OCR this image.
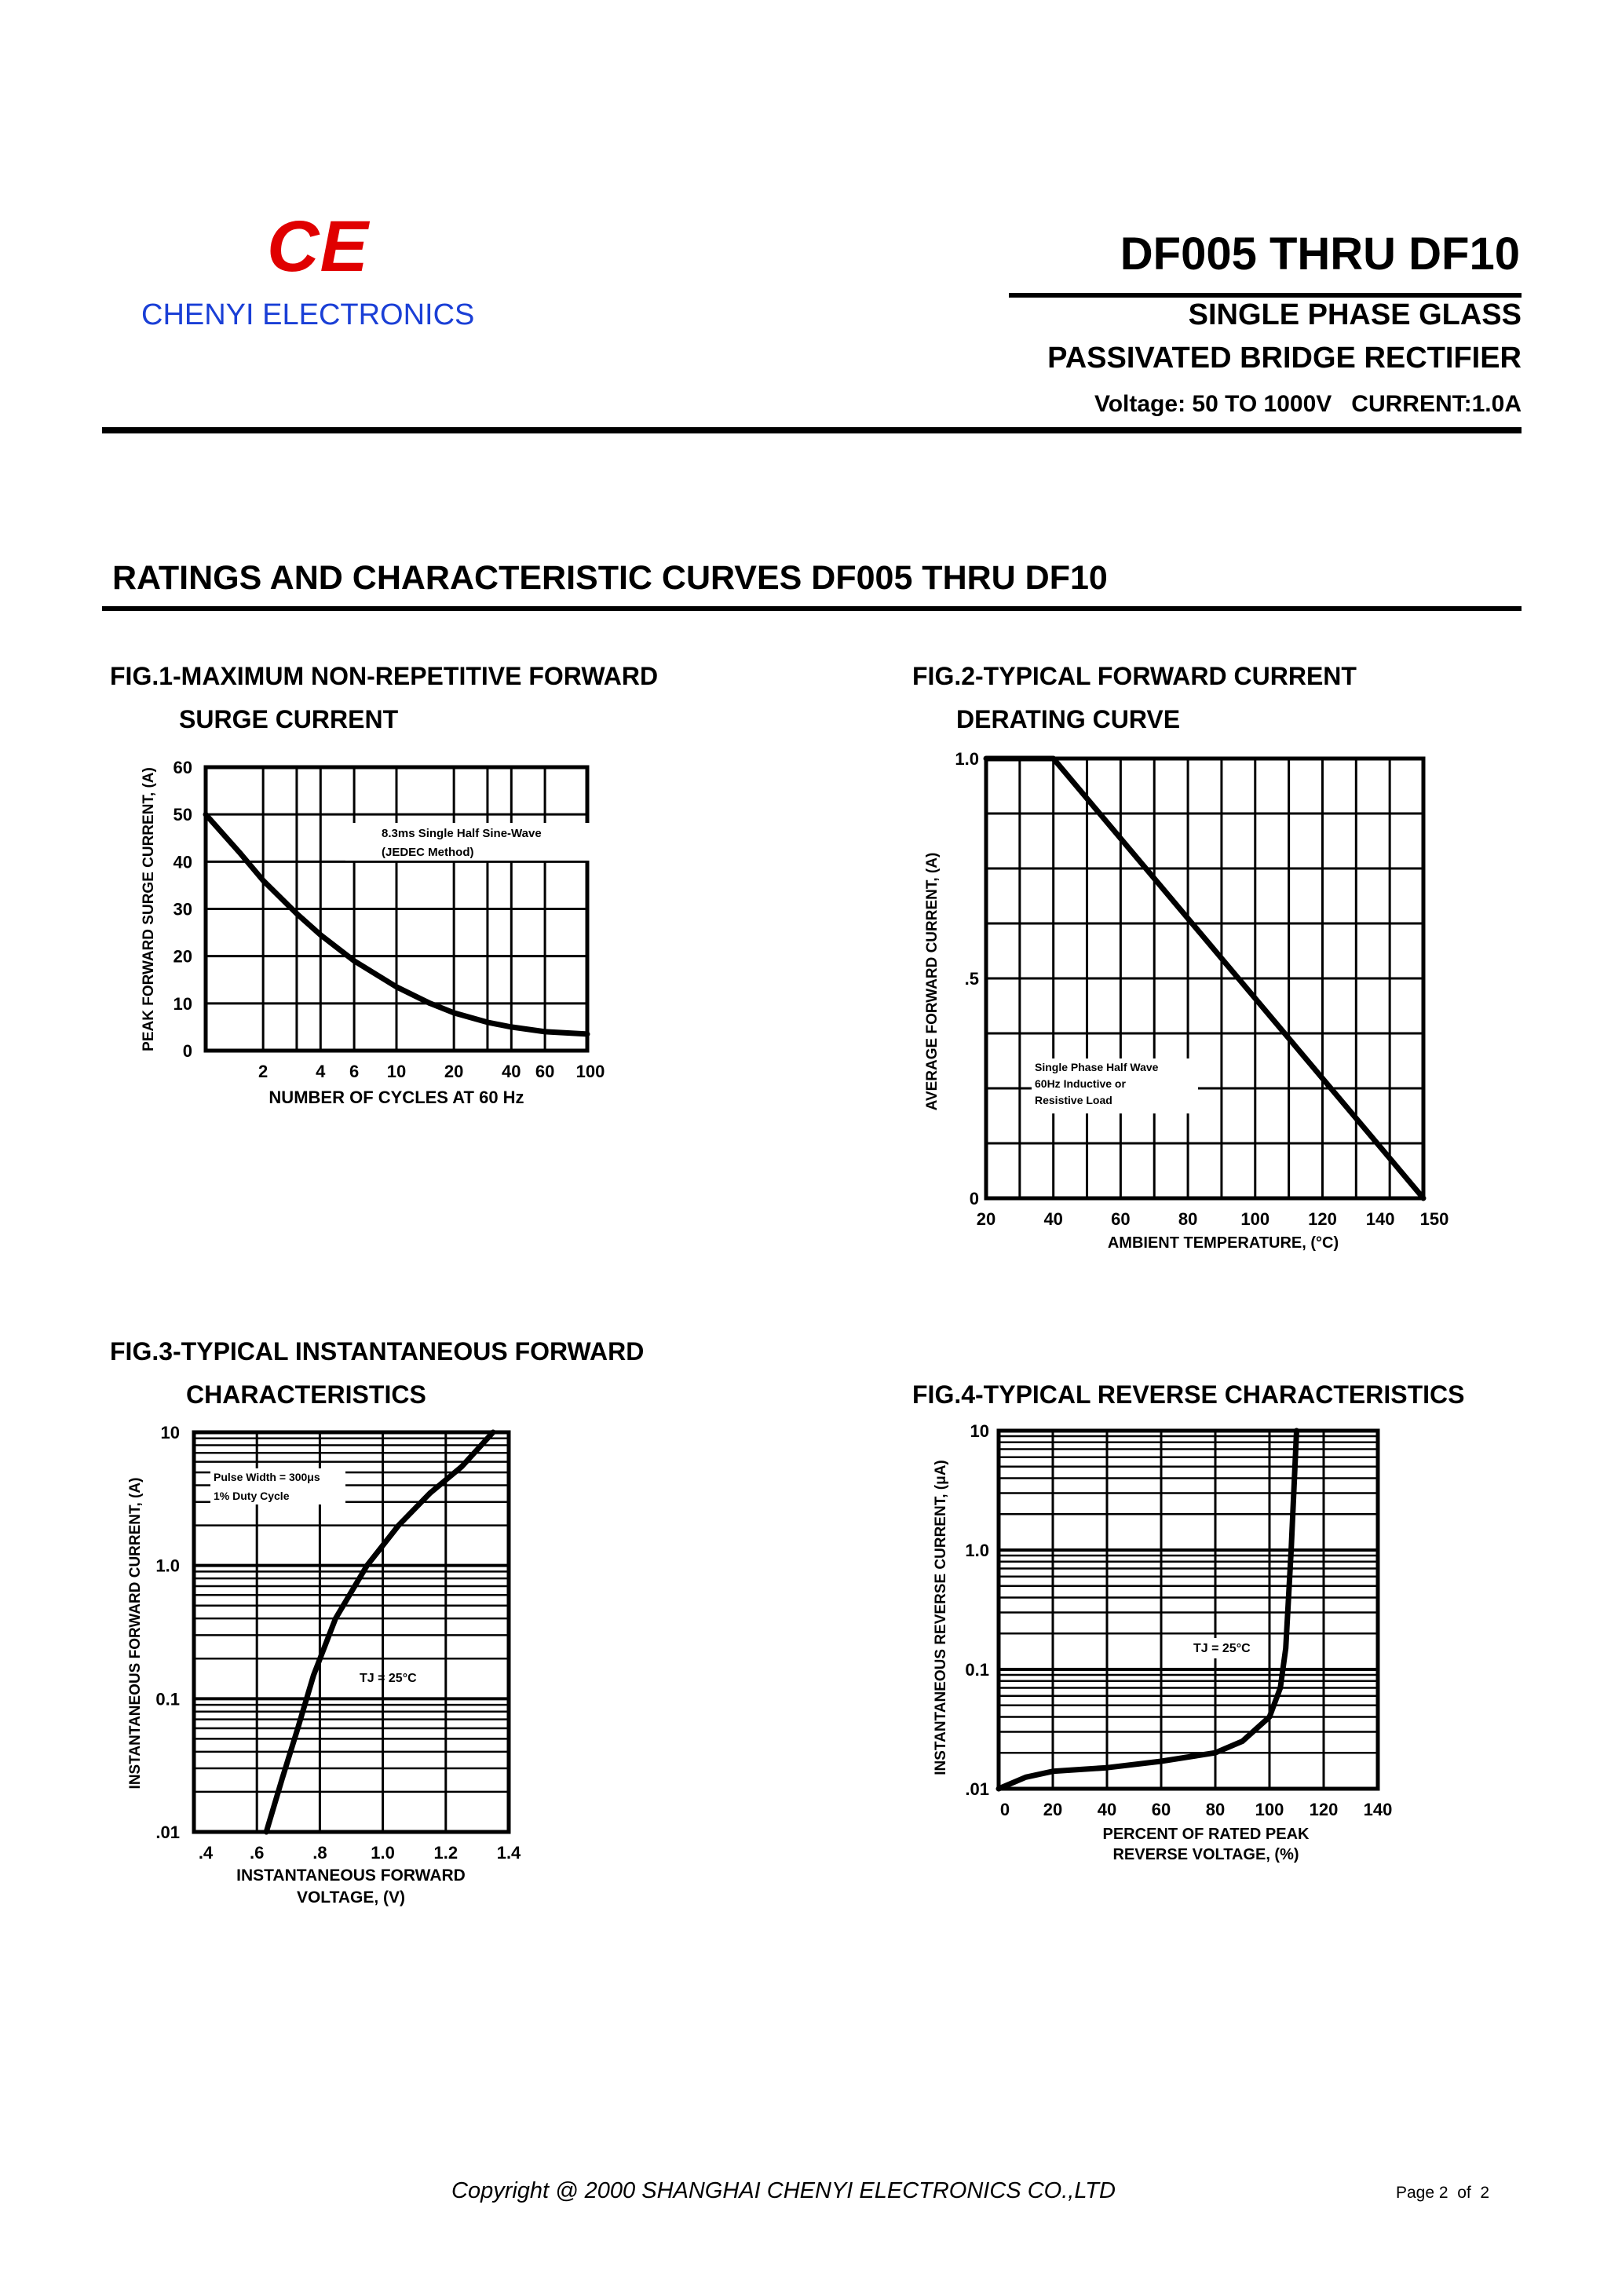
CE
CHENYI ELECTRONICS
DF005 THRU DF10
SINGLE PHASE GLASS
PASSIVATED BRIDGE RECTIFIER
Voltage: 50 TO 1000V   CURRENT:1.0A
RATINGS AND CHARACTERISTIC CURVES DF005 THRU DF10
FIG.1-MAXIMUM NON-REPETITIVE FORWARD
SURGE CURRENT
FIG.2-TYPICAL FORWARD CURRENT
DERATING CURVE
FIG.3-TYPICAL INSTANTANEOUS FORWARD
CHARACTERISTICS	FIG.4-TYPICAL REVERSE CHARACTERISTICS
60
50
40
30
20
10
0
2	4 6 10 20 40 60 100
NUMBER OF CYCLES AT 60 Hz
PEAK FORWARD SURGE CURRENT, (A)	8.3ms Single Half Sine-Wave
(JEDEC Method)
1.0
.5
0
20	40	60	80	100 120 140 150
AMBIENT TEMPERATURE, (°C)
AVERAGE FORWARD CURRENT, (A)	Single Phase Half Wave
60Hz Inductive or
Resistive Load
10
1.0
0.1
.01
.4 .6	.8	1.0 1.2 1.4
INSTANTANEOUS FORWARD
VOLTAGE, (V)
INSTANTANEOUS FORWARD CURRENT, (A)
Pulse Width = 300μs
1% Duty Cycle
TJ = 25°C
10
1.0
0.1
.01
0 20 40 60 80 100 120 140
PERCENT OF RATED PEAK
REVERSE VOLTAGE, (%)
INSTANTANEOUS REVERSE CURRENT, (μA)	TJ = 25°C
Copyright @ 2000 SHANGHAI CHENYI ELECTRONICS CO.,LTD	Page 2  of  2
